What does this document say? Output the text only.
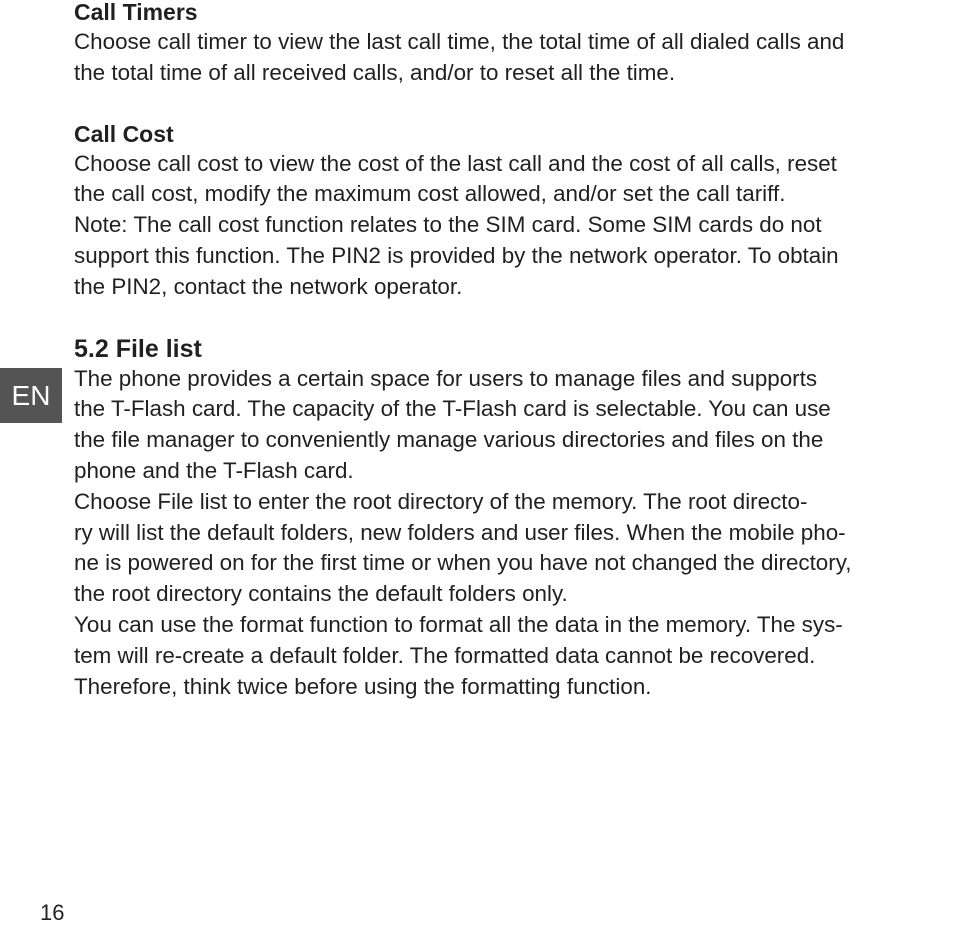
Call Timers

Choose call timer to view the last call time, the total time of all dialed calls and
the total time of all received calls, and/or to reset all the time.

Call Cost

Choose call cost to view the cost of the last call and the cost of all calls, reset
the call cost, modify the maximum cost allowed, and/or set the call tariff.
Note: The call cost function relates to the SIM card. Some SIM cards do not
support this function. The PIN2 is provided by the network operator. To obtain
the PIN2, contact the network operator.

5.2 File list

The phone provides a certain space for users to manage files and supports
the T-Flash card. The capacity of the T-Flash card is selectable. You can use
the file manager to conveniently manage various directories and files on the
phone and the T-Flash card.
Choose File list to enter the root directory of the memory. The root directo-
ry will list the default folders, new folders and user files. When the mobile pho-
ne is powered on for the first time or when you have not changed the directory,
the root directory contains the default folders only.
You can use the format function to format all the data in the memory. The sys-
tem will re-create a default folder. The formatted data cannot be recovered.
Therefore, think twice before using the formatting function.

EN
16
